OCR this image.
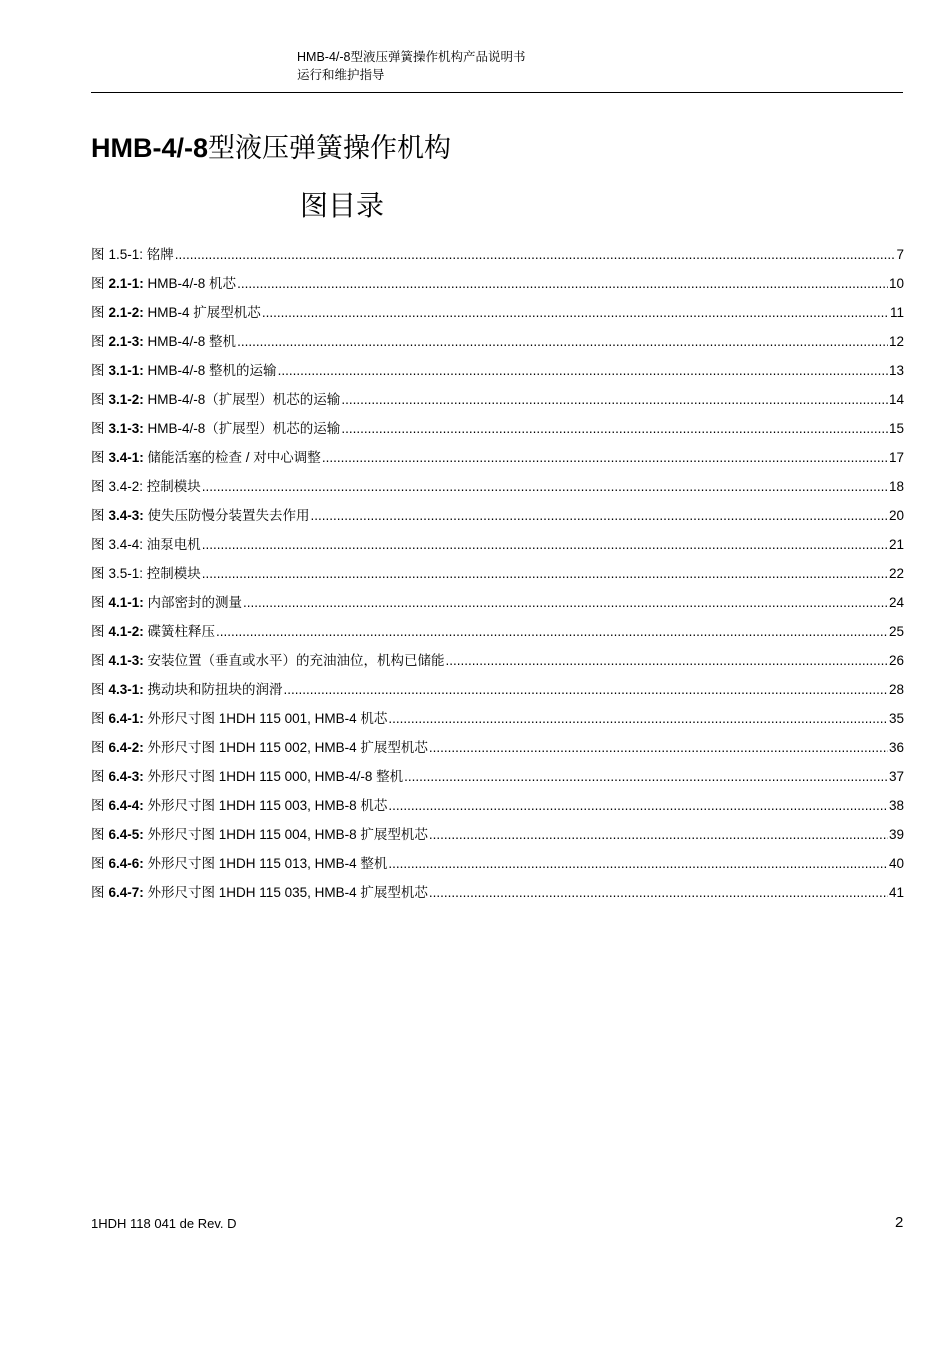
HMB-4/-8型液压弹簧操作机构产品说明书
运行和维护指导
HMB-4/-8型液压弹簧操作机构
图目录
图 1.5-1: 铭牌 .....	7
图 2.1-1: HMB-4/-8 机芯 .....	10
图 2.1-2: HMB-4 扩展型机芯 .....	11
图 2.1-3: HMB-4/-8 整机 .....	12
图 3.1-1: HMB-4/-8 整机的运输 .....	13
图 3.1-2: HMB-4/-8（扩展型）机芯的运输 .....	14
图 3.1-3: HMB-4/-8（扩展型）机芯的运输 .....	15
图 3.4-1: 储能活塞的检查 / 对中心调整 .....	17
图 3.4-2: 控制模块 .....	18
图 3.4-3: 使失压防慢分装置失去作用 .....	20
图 3.4-4: 油泵电机 .....	21
图 3.5-1: 控制模块 .....	22
图 4.1-1: 内部密封的测量 .....	24
图 4.1-2: 碟簧柱释压 .....	25
图 4.1-3: 安装位置（垂直或水平）的充油油位，机构已储能 .....	26
图 4.3-1: 携动块和防扭块的润滑 .....	28
图 6.4-1: 外形尺寸图 1HDH 115 001, HMB-4 机芯 .....	35
图 6.4-2: 外形尺寸图 1HDH 115 002, HMB-4 扩展型机芯 .....	36
图 6.4-3: 外形尺寸图 1HDH 115 000, HMB-4/-8 整机 .....	37
图 6.4-4: 外形尺寸图 1HDH 115 003, HMB-8 机芯 .....	38
图 6.4-5: 外形尺寸图 1HDH 115 004, HMB-8 扩展型机芯 .....	39
图 6.4-6: 外形尺寸图 1HDH 115 013, HMB-4 整机 .....	40
图 6.4-7: 外形尺寸图 1HDH 115 035, HMB-4 扩展型机芯 .....	41
1HDH 118 041 de Rev. D	2
